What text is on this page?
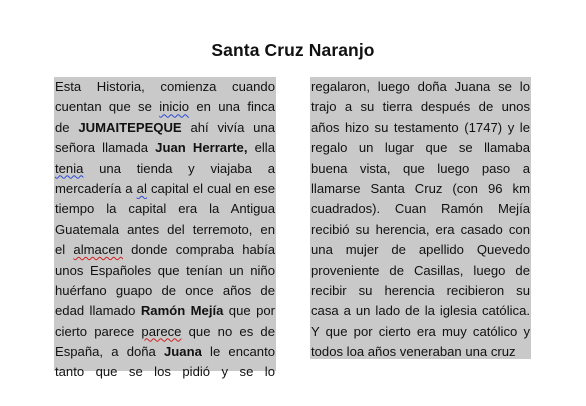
Santa Cruz Naranjo
Esta Historia, comienza cuando
cuentan que se inicio en una finca
de JUMAITEPEQUE ahí vivía una
señora llamada Juan Herrarte, ella
tenia una tienda y viajaba a
mercadería a al capital el cual en ese
tiempo la capital era la Antigua
Guatemala antes del terremoto, en
el almacen donde compraba había
unos Españoles que tenían un niño
huérfano guapo de once años de
edad llamado Ramón Mejía que por
cierto parece parece que no es de
España, a doña Juana le encanto
tanto que se los pidió y se lo
regalaron, luego doña Juana se lo
trajo a su tierra después de unos
años hizo su testamento (1747) y le
regalo un lugar que se llamaba
buena vista, que luego paso a
llamarse Santa Cruz (con 96 km
cuadrados). Cuan Ramón Mejía
recibió su herencia, era casado con
una mujer de apellido Quevedo
proveniente de Casillas, luego de
recibir su herencia recibieron su
casa a un lado de la iglesia católica.
Y que por cierto era muy católico y
todos loa años veneraban una cruz
